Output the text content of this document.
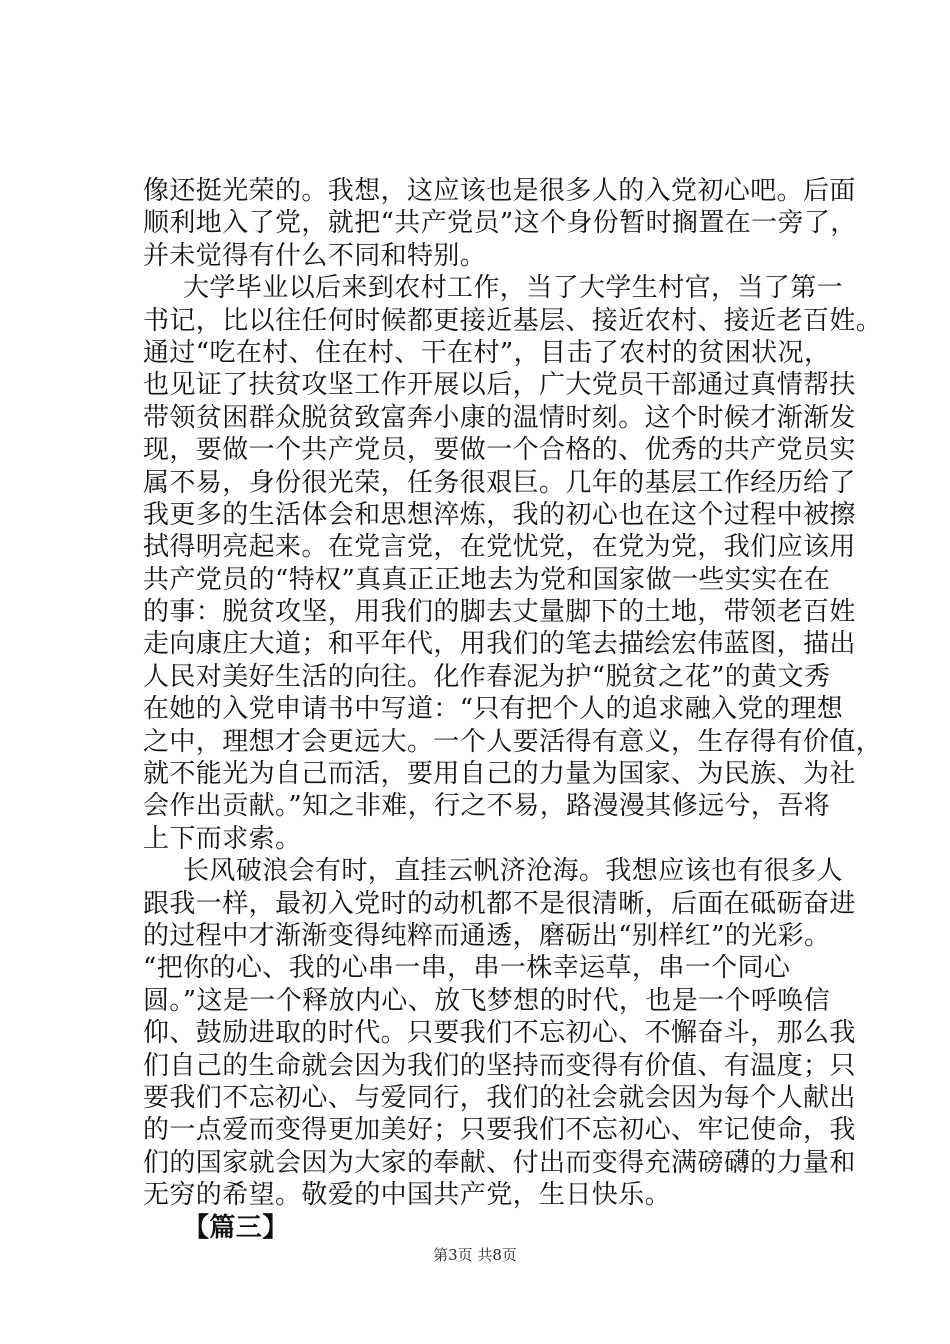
像还挺光荣的。我想，这应该也是很多人的入党初心吧。后面
顺利地入了党，就把“共产党员”这个身份暂时搁置在一旁了，
并未觉得有什么不同和特别。
大学毕业以后来到农村工作，当了大学生村官，当了第一
书记，比以往任何时候都更接近基层、接近农村、接近老百姓。
通过“吃在村、住在村、干在村”，目击了农村的贫困状况，
也见证了扶贫攻坚工作开展以后，广大党员干部通过真情帮扶
带领贫困群众脱贫致富奔小康的温情时刻。这个时候才渐渐发
现，要做一个共产党员，要做一个合格的、优秀的共产党员实
属不易，身份很光荣，任务很艰巨。几年的基层工作经历给了
我更多的生活体会和思想淬炼，我的初心也在这个过程中被擦
拭得明亮起来。在党言党，在党忧党，在党为党，我们应该用
共产党员的“特权”真真正正地去为党和国家做一些实实在在
的事：脱贫攻坚，用我们的脚去丈量脚下的土地，带领老百姓
走向康庄大道；和平年代，用我们的笔去描绘宏伟蓝图，描出
人民对美好生活的向往。化作春泥为护“脱贫之花”的黄文秀
在她的入党申请书中写道：“只有把个人的追求融入党的理想
之中，理想才会更远大。一个人要活得有意义，生存得有价值，
就不能光为自己而活，要用自己的力量为国家、为民族、为社
会作出贡献。”知之非难，行之不易，路漫漫其修远兮，吾将
上下而求索。
长风破浪会有时，直挂云帆济沧海。我想应该也有很多人
跟我一样，最初入党时的动机都不是很清晰，后面在砥砺奋进
的过程中才渐渐变得纯粹而通透，磨砺出“别样红”的光彩。
“把你的心、我的心串一串，串一株幸运草，串一个同心
圆。”这是一个释放内心、放飞梦想的时代，也是一个呼唤信
仰、鼓励进取的时代。只要我们不忘初心、不懈奋斗，那么我
们自己的生命就会因为我们的坚持而变得有价值、有温度；只
要我们不忘初心、与爱同行，我们的社会就会因为每个人献出
的一点爱而变得更加美好；只要我们不忘初心、牢记使命，我
们的国家就会因为大家的奉献、付出而变得充满磅礴的力量和
无穷的希望。敬爱的中国共产党，生日快乐。
【篇三】
第3页 共8页
